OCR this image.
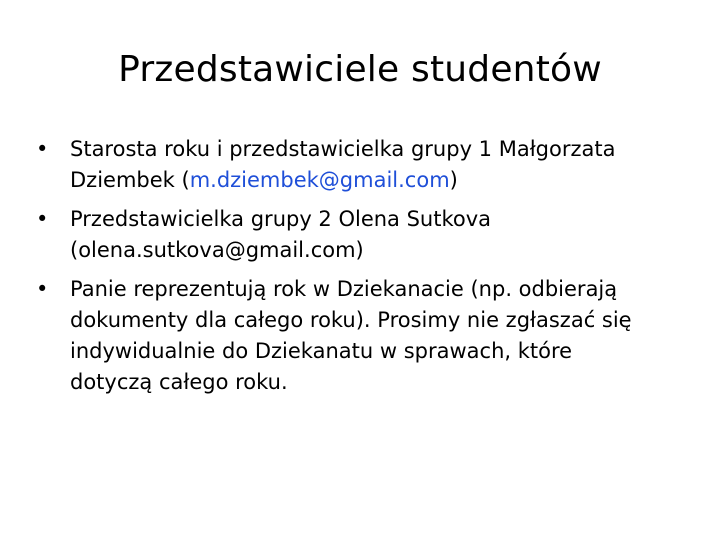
Przedstawiciele studentów
•	Starosta roku i przedstawicielka grupy 1 Małgorzata Dziembek (m.dziembek@gmail.com)
•	Przedstawicielka grupy 2 Olena Sutkova (olena.sutkova@gmail.com)
•	Panie reprezentują rok w Dziekanacie (np. odbierają dokumenty dla całego roku). Prosimy nie zgłaszać się indywidualnie do Dziekanatu w sprawach, które dotyczą całego roku.
